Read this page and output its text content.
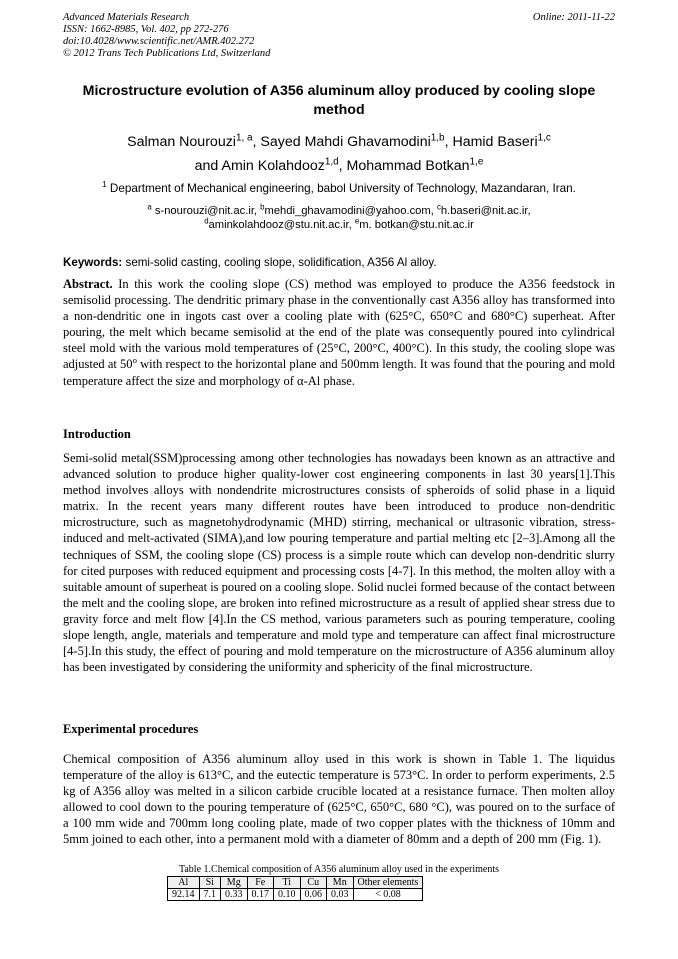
Advanced Materials Research
ISSN: 1662-8985, Vol. 402, pp 272-276
doi:10.4028/www.scientific.net/AMR.402.272
© 2012 Trans Tech Publications Ltd, Switzerland
Online: 2011-11-22
Microstructure evolution of A356 aluminum alloy produced by cooling slope method
Salman Nourouzi$^{1, a}$, Sayed Mahdi Ghavamodini$^{1,b}$, Hamid Baseri$^{1,c}$
and Amin Kolahdooz$^{1,d}$, Mohammad Botkan$^{1,e}$
$^1$ Department of Mechanical engineering, babol University of Technology, Mazandaran, Iran.
$^a$ s-nourouzi@nit.ac.ir, $^b$mehdi_ghavamodini@yahoo.com, $^c$h.baseri@nit.ac.ir,
$^d$aminkolahdooz@stu.nit.ac.ir, $^e$m. botkan@stu.nit.ac.ir
Keywords: semi-solid casting, cooling slope, solidification, A356 Al alloy.
Abstract. In this work the cooling slope (CS) method was employed to produce the A356 feedstock in semisolid processing. The dendritic primary phase in the conventionally cast A356 alloy has transformed into a non-dendritic one in ingots cast over a cooling plate with (625°C, 650°C and 680°C) superheat. After pouring, the melt which became semisolid at the end of the plate was consequently poured into cylindrical steel mold with the various mold temperatures of (25°C, 200°C, 400°C). In this study, the cooling slope was adjusted at 50$^o$ with respect to the horizontal plane and 500mm length. It was found that the pouring and mold temperature affect the size and morphology of α-Al phase.
Introduction
Semi-solid metal(SSM)processing among other technologies has nowadays been known as an attractive and advanced solution to produce higher quality-lower cost engineering components in last 30 years[1].This method involves alloys with nondendrite microstructures consists of spheroids of solid phase in a liquid matrix. In the recent years many different routes have been introduced to produce non-dendritic microstructure, such as magnetohydrodynamic (MHD) stirring, mechanical or ultrasonic vibration, stress-induced and melt-activated (SIMA),and low pouring temperature and partial melting etc [2–3].Among all the techniques of SSM, the cooling slope (CS) process is a simple route which can develop non-dendritic slurry for cited purposes with reduced equipment and processing costs [4-7]. In this method, the molten alloy with a suitable amount of superheat is poured on a cooling slope. Solid nuclei formed because of the contact between the melt and the cooling slope, are broken into refined microstructure as a result of applied shear stress due to gravity force and melt flow [4].In the CS method, various parameters such as pouring temperature, cooling slope length, angle, materials and temperature and mold type and temperature can affect final microstructure [4-5].In this study, the effect of pouring and mold temperature on the microstructure of A356 aluminum alloy has been investigated by considering the uniformity and sphericity of the final microstructure.
Experimental procedures
Chemical composition of A356 aluminum alloy used in this work is shown in Table 1. The liquidus temperature of the alloy is 613°C, and the eutectic temperature is 573°C. In order to perform experiments, 2.5 kg of A356 alloy was melted in a silicon carbide crucible located at a resistance furnace. Then molten alloy allowed to cool down to the pouring temperature of (625°C, 650°C, 680 °C), was poured on to the surface of a 100 mm wide and 700mm long cooling plate, made of two copper plates with the thickness of 10mm and 5mm joined to each other, into a permanent mold with a diameter of 80mm and a depth of 200 mm (Fig. 1).
Table 1.Chemical composition of A356 aluminum alloy used in the experiments
Al	Si	Mg	Fe	Ti	Cu	Mn	Other elements
92.14	7.1	0.33	0.17	0.10	0.06	0.03	< 0.08
